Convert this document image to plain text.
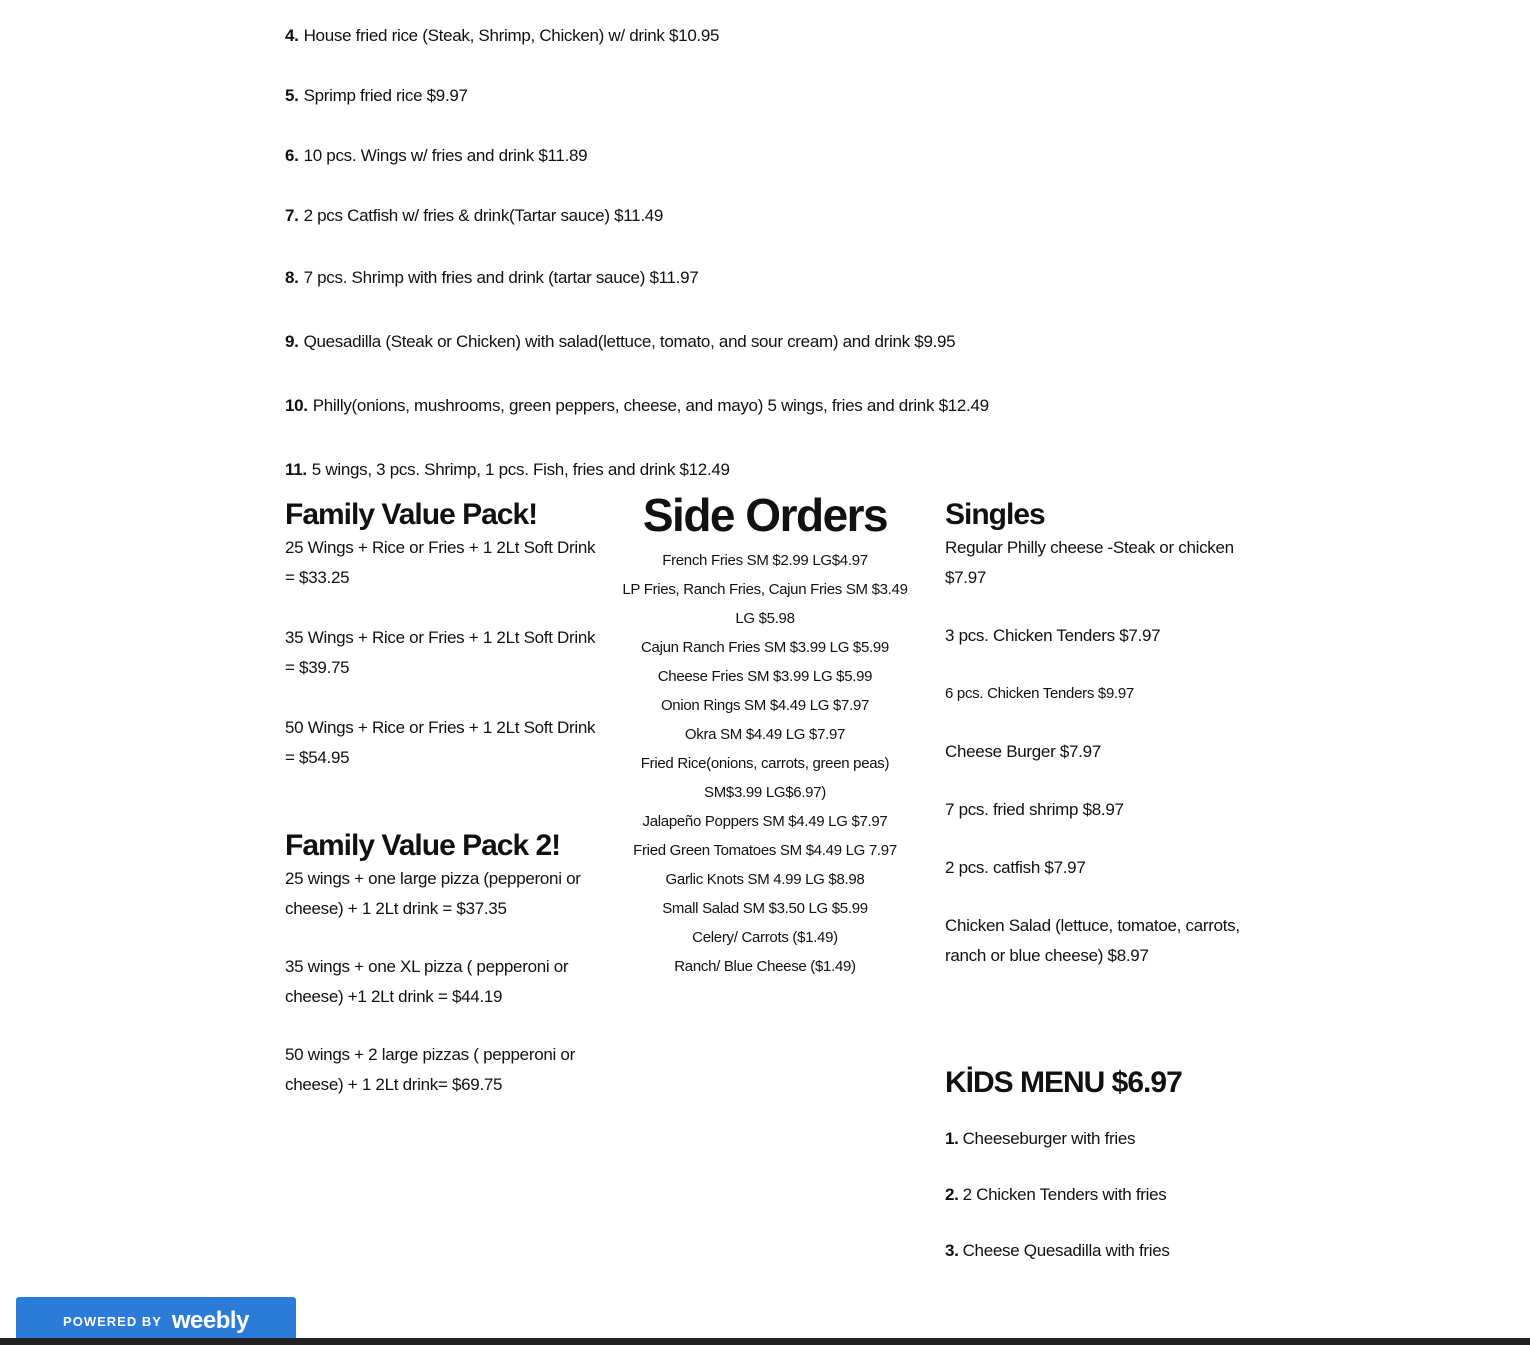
4. House fried rice (Steak, Shrimp, Chicken) w/ drink $10.95
5. Sprimp fried rice $9.97
6. 10 pcs. Wings w/ fries and drink $11.89
7. 2 pcs Catfish w/ fries & drink(Tartar sauce) $11.49
8. 7 pcs. Shrimp with fries and drink (tartar sauce) $11.97
9. Quesadilla (Steak or Chicken) with salad(lettuce, tomato, and sour cream) and drink $9.95
10. Philly(onions, mushrooms, green peppers, cheese, and mayo) 5 wings, fries and drink $12.49
11. 5 wings, 3 pcs. Shrimp, 1 pcs. Fish, fries and drink $12.49
Family Value Pack!

25 Wings + Rice or Fries + 1 2Lt Soft Drink = $33.25

35 Wings + Rice or Fries + 1 2Lt Soft Drink = $39.75

50 Wings + Rice or Fries + 1 2Lt Soft Drink = $54.95

Family Value Pack 2!

25 wings + one large pizza (pepperoni or cheese) + 1 2Lt drink = $37.35

35 wings + one XL pizza ( pepperoni or cheese) +1 2Lt drink = $44.19

50 wings + 2 large pizzas ( pepperoni or cheese) + 1 2Lt drink= $69.75

Side Orders

French Fries SM $2.99 LG$4.97

LP Fries, Ranch Fries, Cajun Fries SM $3.49 LG $5.98

Cajun Ranch Fries SM $3.99 LG $5.99

Cheese Fries SM $3.99 LG $5.99

Onion Rings SM $4.49 LG $7.97

Okra SM $4.49 LG $7.97

Fried Rice(onions, carrots, green peas) SM$3.99 LG$6.97)

Jalapeño Poppers SM $4.49 LG $7.97

Fried Green Tomatoes SM $4.49 LG 7.97

Garlic Knots SM 4.99 LG $8.98

Small Salad SM $3.50 LG $5.99

Celery/ Carrots ($1.49)

Ranch/ Blue Cheese ($1.49)

Singles

Regular Philly cheese -Steak or chicken $7.97

3 pcs. Chicken Tenders $7.97

6 pcs. Chicken Tenders $9.97

Cheese Burger $7.97

7 pcs. fried shrimp $8.97

2 pcs. catfish $7.97

Chicken Salad (lettuce, tomatoe, carrots, ranch or blue cheese) $8.97

KİDS MENU $6.97

1. Cheeseburger with fries

2. 2 Chicken Tenders with fries

3. Cheese Quesadilla with fries

POWERED BY weebly
